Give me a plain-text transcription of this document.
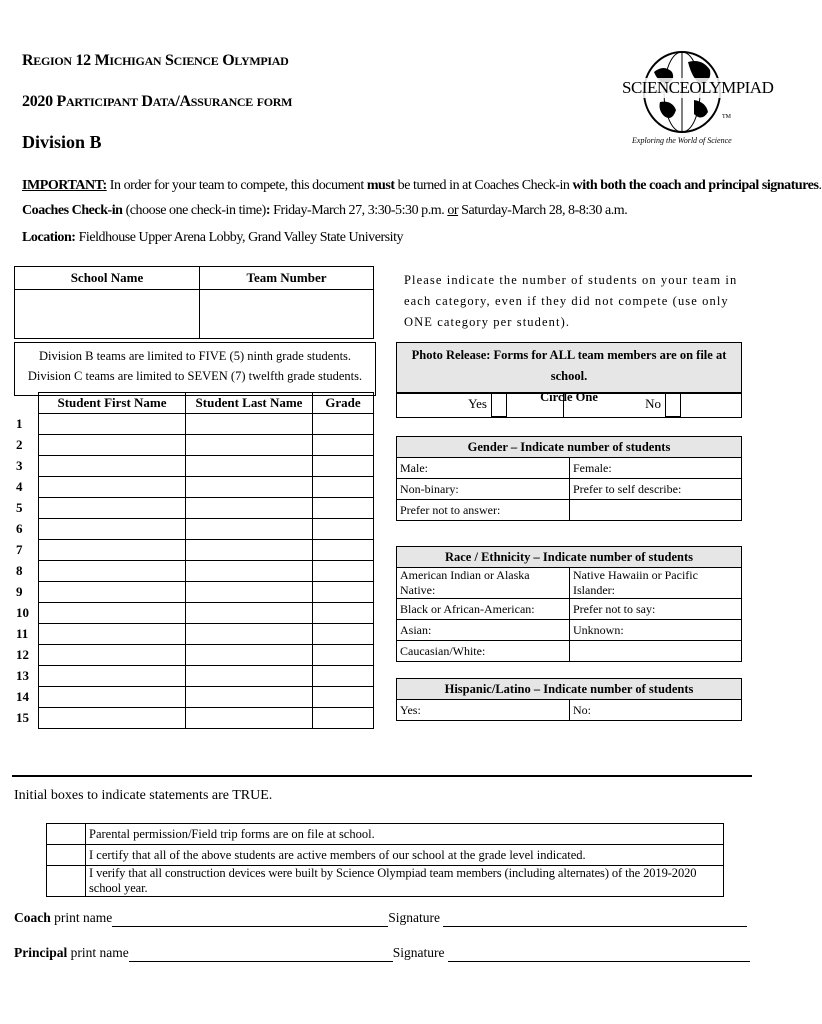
REGION 12 MICHIGAN SCIENCE OLYMPIAD
2020 PARTICIPANT DATA/ASSURANCE FORM
Division B
SCIENCEOLYMPIAD
TM
Exploring the World of Science
IMPORTANT: In order for your team to compete, this document must be turned in at Coaches Check-in with both the coach and principal signatures.
Coaches Check-in (choose one check-in time): Friday-March 27, 3:30-5:30 p.m. or Saturday-March 28, 8-8:30 a.m.
Location: Fieldhouse Upper Arena Lobby, Grand Valley State University
School Name	Team Number

Division B teams are limited to FIVE (5) ninth grade students.
Division C teams are limited to SEVEN (7) twelfth grade students.
	Student First Name	Student Last Name	Grade
1			
2			
3			
4			
5			
6			
7			
8			
9			
10			
11			
12			
13			
14			
15			
Please indicate the number of students on your team in each category, even if they did not compete (use only ONE category per student).
Photo Release: Forms for ALL team members are on file at school.
Circle One
Yes	No
Gender – Indicate number of students	
Male:	Female:
Non-binary:	Prefer to self describe:
Prefer not to answer:	
Race / Ethnicity – Indicate number of students	
American Indian or Alaska Native:	Native Hawaiin or Pacific Islander:
Black or African-American:	Prefer not to say:
Asian:	Unknown:
Caucasian/White:	
Hispanic/Latino – Indicate number of students
Yes:	No:
Initial boxes to indicate statements are TRUE.
	Parental permission/Field trip forms are on file at school.
	I certify that all of the above students are active members of our school at the grade level indicated.
	I verify that all construction devices were built by Science Olympiad team members (including alternates) of the 2019-2020 school year.
Coach print name	Signature
Principal print name	Signature
